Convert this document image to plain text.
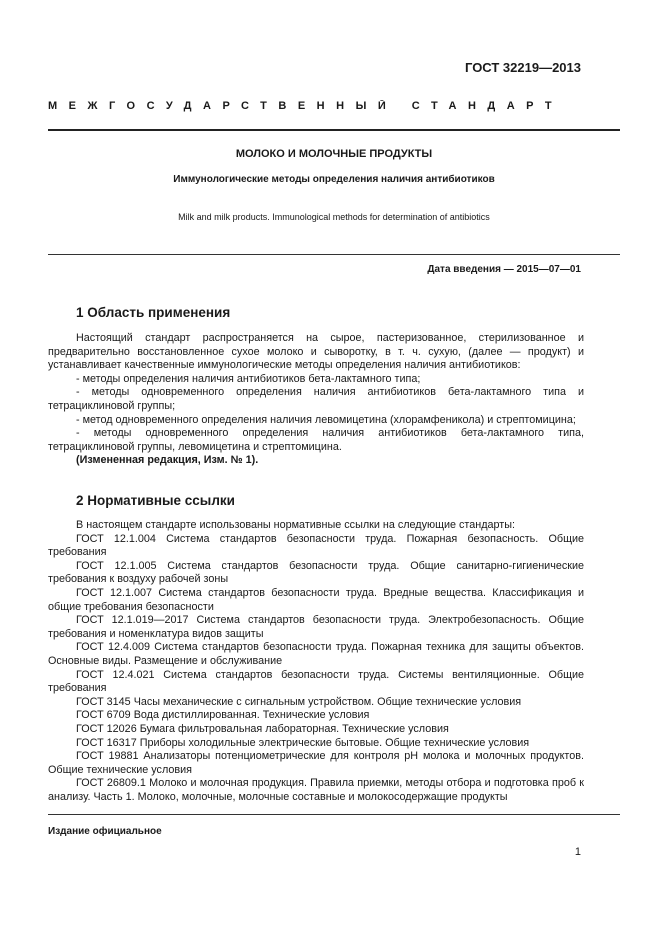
ГОСТ 32219—2013
МЕЖГОСУДАРСТВЕННЫЙ СТАНДАРТ
МОЛОКО И МОЛОЧНЫЕ ПРОДУКТЫ
Иммунологические методы определения наличия антибиотиков
Milk and milk products. Immunological methods for determination of antibiotics
Дата введения — 2015—07—01
1 Область применения

Настоящий стандарт распространяется на сырое, пастеризованное, стерилизованное и предварительно восстановленное сухое молоко и сыворотку, в т. ч. сухую, (далее — продукт) и устанавливает качественные иммунологические методы определения наличия антибиотиков:

- методы определения наличия антибиотиков бета-лактамного типа;

- методы одновременного определения наличия антибиотиков бета-лактамного типа и тетрациклиновой группы;

- метод одновременного определения наличия левомицетина (хлорамфеникола) и стрептомицина;

- методы одновременного определения наличия антибиотиков бета-лактамного типа, тетрациклиновой группы, левомицетина и стрептомицина.

(Измененная редакция, Изм. № 1).

2 Нормативные ссылки

В настоящем стандарте использованы нормативные ссылки на следующие стандарты:

ГОСТ 12.1.004 Система стандартов безопасности труда. Пожарная безопасность. Общие требования

ГОСТ 12.1.005 Система стандартов безопасности труда. Общие санитарно-гигиенические требования к воздуху рабочей зоны

ГОСТ 12.1.007 Система стандартов безопасности труда. Вредные вещества. Классификация и общие требования безопасности

ГОСТ 12.1.019—2017 Система стандартов безопасности труда. Электробезопасность. Общие требования и номенклатура видов защиты

ГОСТ 12.4.009 Система стандартов безопасности труда. Пожарная техника для защиты объектов. Основные виды. Размещение и обслуживание

ГОСТ 12.4.021 Система стандартов безопасности труда. Системы вентиляционные. Общие требования

ГОСТ 3145 Часы механические с сигнальным устройством. Общие технические условия

ГОСТ 6709 Вода дистиллированная. Технические условия

ГОСТ 12026 Бумага фильтровальная лабораторная. Технические условия

ГОСТ 16317 Приборы холодильные электрические бытовые. Общие технические условия

ГОСТ 19881 Анализаторы потенциометрические для контроля рН молока и молочных продуктов. Общие технические условия

ГОСТ 26809.1 Молоко и молочная продукция. Правила приемки, методы отбора и подготовка проб к анализу. Часть 1. Молоко, молочные, молочные составные и молокосодержащие продукты

Издание официальное
1
